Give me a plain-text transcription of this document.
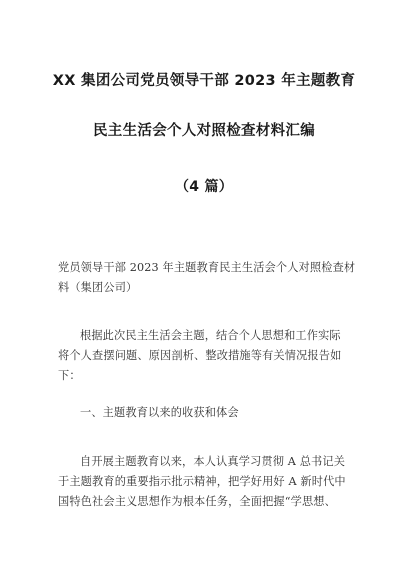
XX 集团公司党员领导干部 2023 年主题教育
民主生活会个人对照检查材料汇编
（4 篇）
党员领导干部 2023 年主题教育民主生活会个人对照检查材
料（集团公司）
根据此次民主生活会主题，结合个人思想和工作实际
将个人查摆问题、原因剖析、整改措施等有关情况报告如
下：
一、主题教育以来的收获和体会
自开展主题教育以来，本人认真学习贯彻 A 总书记关
于主题教育的重要指示批示精神，把学好用好 A 新时代中
国特色社会主义思想作为根本任务，全面把握“学思想、
